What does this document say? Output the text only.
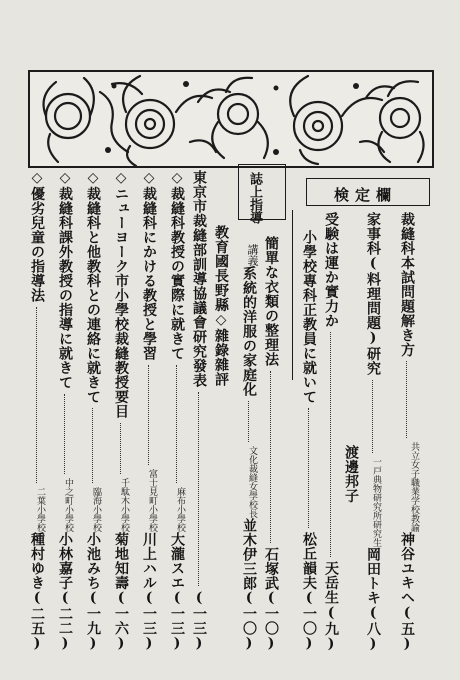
検定欄
裁縫科本試問題解き方
共立女子職業学校教諭
神谷ユキヘ
(五)
家事科(料理問題)研究
一戸典物研究所研究生
岡田トキ
(八)
渡邊邦子
受験は運か實力か
天岳生
(九)
小學校專科正教員に就いて
松丘韻夫
(一〇)
誌上指導
簡單な衣類の整理法
石塚武
(一〇)
講義
系統的洋服の家庭化
文化裁縫女學校長
並木伊三郎
(一〇)
教育國長野縣◇雜錄雜評
東京市裁縫部訓導協議會研究發表
(一三)
◇裁縫科教授の實際に就きて
麻布小學校
大瀧スエ
(一三)
◇裁縫科にかける教授と學習
富士見町小學校
川上ハル
(一三)
◇ニューヨーク市小學校裁縫教授要目
千駄木小學校
菊地知壽
(一六)
◇裁縫科と他教科との連絡に就きて
臨海小學校
小池みち
(一九)
◇裁縫科課外教授の指導に就きて
中之町小學校
小林嘉子
(二二)
◇優劣兒童の指導法
二葉小學校
種村ゆき
(二五)
